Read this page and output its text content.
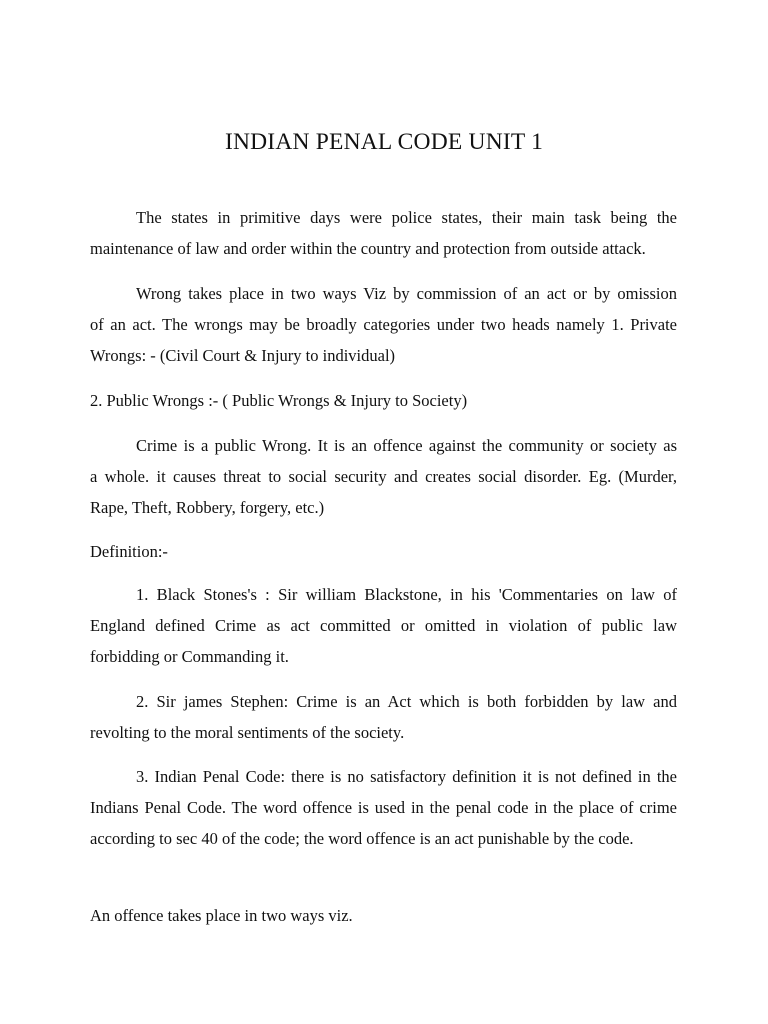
INDIAN PENAL CODE UNIT 1
The states in primitive days were police states, their main task being the
maintenance of law and order within the country and protection from outside attack.
Wrong takes place in two ways Viz by commission of an act or by omission
of an act. The wrongs may be broadly categories under two heads namely 1. Private
Wrongs: - (Civil Court & Injury to individual)
2. Public Wrongs :- ( Public Wrongs & Injury to Society)
Crime is a public Wrong. It is an offence against the community or society as
a whole. it causes threat to social security and creates social disorder. Eg. (Murder,
Rape, Theft, Robbery, forgery, etc.)
Definition:-
1. Black Stones's : Sir william Blackstone, in his 'Commentaries on law of
England defined Crime as act committed or omitted in violation of public law
forbidding or Commanding it.
2. Sir james Stephen: Crime is an Act which is both forbidden by law and
revolting to the moral sentiments of the society.
3. Indian Penal Code: there is no satisfactory definition it is not defined in the
Indians Penal Code. The word offence is used in the penal code in the place of crime
according to sec 40 of the code; the word offence is an act punishable by the code.
An offence takes place in two ways viz.
